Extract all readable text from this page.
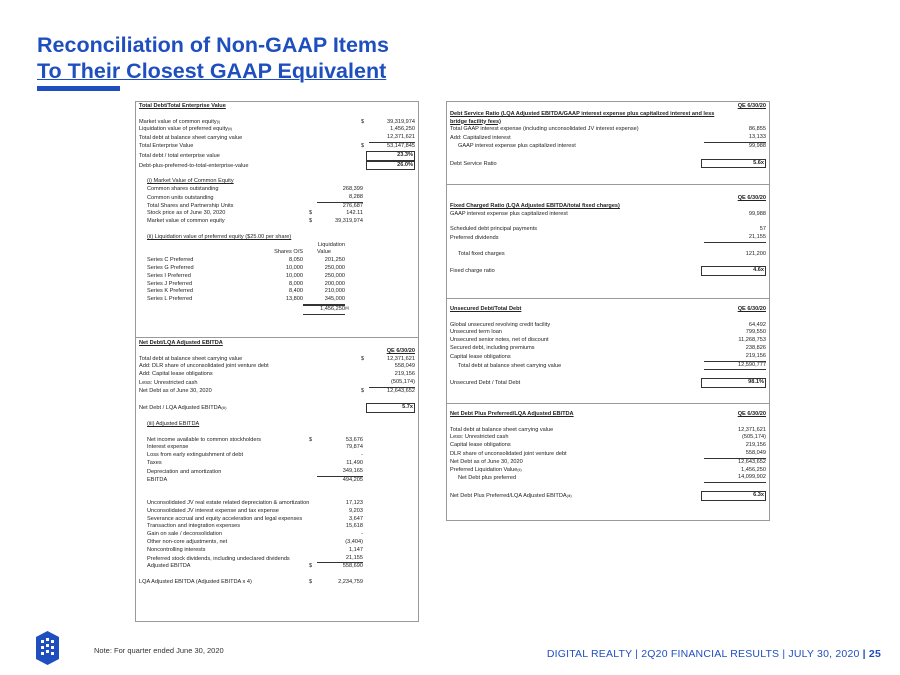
Reconciliation of Non-GAAP Items
To Their Closest GAAP Equivalent
Total Debt/Total Enterprise Value
Market value of common equity$^{(i)}$	$	39,319,974
Liquidation value of preferred equity$^{(ii)}$	1,456,250
Total debt at balance sheet carrying value	12,371,621
Total Enterprise Value	$	53,147,845
Total debt / total enterprise value	23.3%
Debt-plus-preferred-to-total-enterprise-value	26.0%
(i) Market Value of Common Equity
Common shares outstanding	268,399
Common units outstanding	8,288
Total Shares and Partnership Units	276,687
Stock price as of June 30, 2020	$	142.11
Market value of common equity	$	39,319,974
(ii) Liquidation value of preferred equity ($25.00 per share)
Liquidation
Shares O/S	Value
Series C Preferred	8,050	201,250
Series G Preferred	10,000	250,000
Series I Preferred	10,000	250,000
Series J Preferred	8,000	200,000
Series K Preferred	8,400	210,000
Series L Preferred	13,800	345,000
1,456,250 $^{(ii)}$
Net Debt/LQA Adjusted EBITDA
QE 6/30/20
Total debt at balance sheet carrying value	$	12,371,621
Add: DLR share of unconsolidated joint venture debt	558,049
Add: Capital lease obligations	219,156
Less: Unrestricted cash	(505,174)
Net Debt as of June 30, 2020	$	12,643,652
Net Debt / LQA Adjusted EBITDA$^{(iii)}$	5.7x
(iii) Adjusted EBITDA
Net income available to common stockholders	$	53,676
Interest expense	79,874
Loss from early extinguishment of debt	-
Taxes	11,490
Depreciation and amortization	349,165
EBITDA	494,205
Unconsolidated JV real estate related depreciation & amortization	17,123
Unconsolidated JV interest expense and tax expense	9,203
Severance accrual and equity acceleration and legal expenses	3,647
Transaction and integration expenses	15,618
Gain on sale / deconsolidation	-
Other non-core adjustments, net	(3,404)
Noncontrolling interests	1,147
Preferred stock dividends, including undeclared dividends	21,155
Adjusted EBITDA	$	558,690
LQA Adjusted EBITDA (Adjusted EBITDA x 4)	$	2,234,759
QE 6/30/20
Debt Service Ratio (LQA Adjusted EBITDA/GAAP interest expense plus capitalized interest and less bridge facility fees)
Total GAAP interest expense (including unconsolidated JV interest expense)	86,855
Add: Capitalized interest	13,133
GAAP interest expense plus capitalized interest	99,988
Debt Service Ratio	5.6x
QE 6/30/20
Fixed Charged Ratio (LQA Adjusted EBITDA/total fixed charges)
GAAP interest expense plus capitalized interest	99,988
Scheduled debt principal payments	57
Preferred dividends	21,155
Total fixed charges	121,200
Fixed charge ratio	4.6x
Unsecured Debt/Total Debt	QE 6/30/20
Global unsecured revolving credit facility	64,492
Unsecured term loan	799,550
Unsecured senior notes, net of discount	11,268,753
Secured debt, including premiums	238,826
Capital lease obligations	219,156
Total debt at balance sheet carrying value	12,590,777
Unsecured Debt / Total Debt	98.1%
Net Debt Plus Preferred/LQA Adjusted EBITDA	QE 6/30/20
Total debt at balance sheet carrying value	12,371,621
Less: Unrestricted cash	(505,174)
Capital lease obligations	219,156
DLR share of unconsolidated joint venture debt	558,049
Net Debt as of June 30, 2020	12,643,652
Preferred Liquidation Value$^{(ii)}$	1,456,250
Net Debt plus preferred	14,099,902
Net Debt Plus Preferred/LQA Adjusted EBITDA$^{(iii)}$	6.3x
Note: For quarter ended June 30, 2020	DIGITAL REALTY | 2Q20 FINANCIAL RESULTS | JULY 30, 2020 | 25
